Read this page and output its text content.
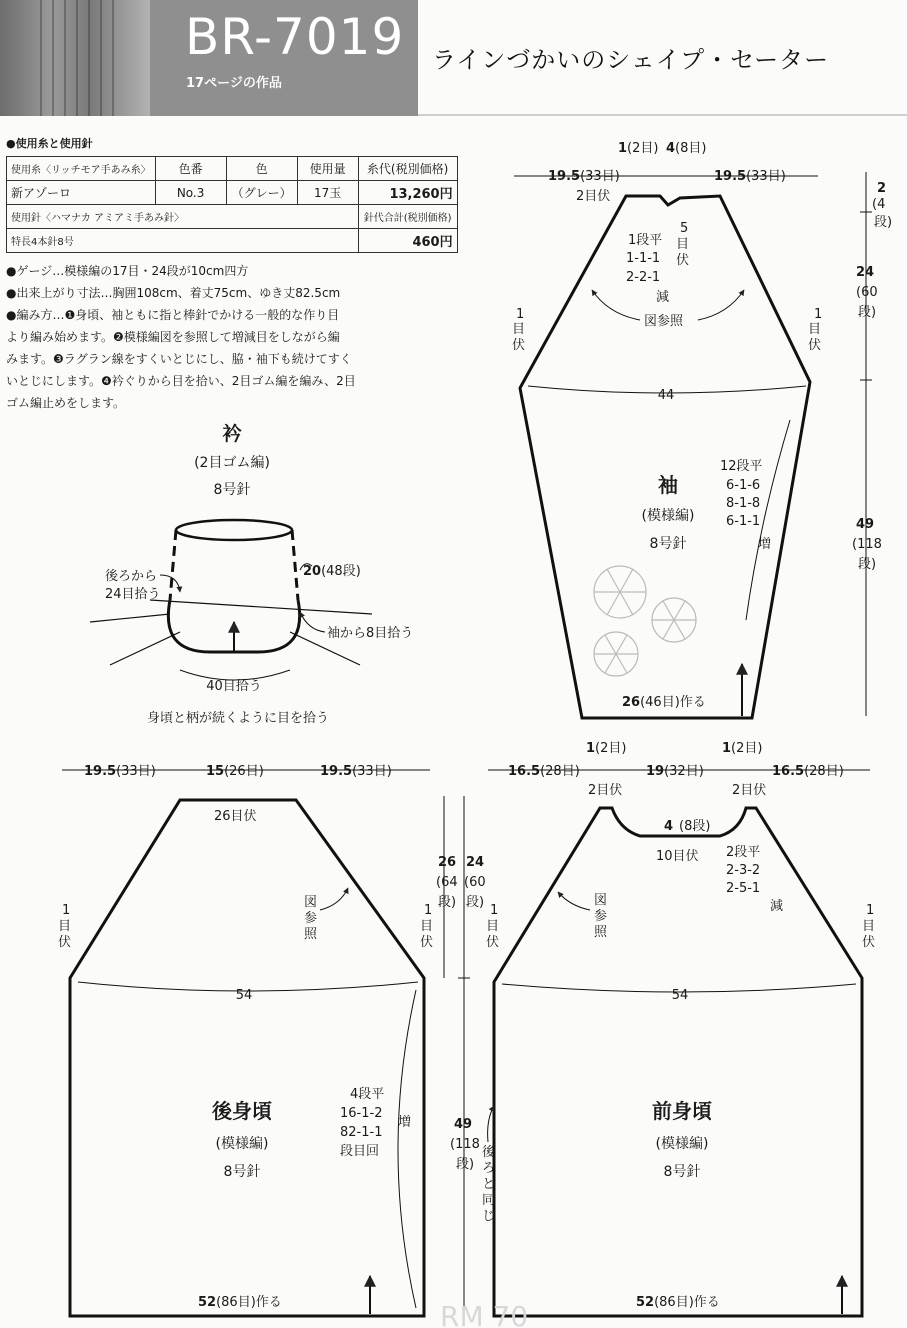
BR-7019
17ページの作品
ラインづかいのシェイプ・セーター
●使用糸と使用針
使用糸〈リッチモア手あみ糸〉	色番	色	使用量	糸代(税別価格)
新アゾーロ	No.3	（グレー）	17玉	13,260円
使用針〈ハマナカ アミアミ手あみ針〉				針代合計(税別価格)
特長4本針8号				460円

●ゲージ…模様編の17目・24段が10cm四方

●出来上がり寸法…胸囲108cm、着丈75cm、ゆき丈82.5cm

●編み方…❶身頃、袖ともに指と棒針でかける一般的な作り目

より編み始めます。❷模様編図を参照して増減目をしながら編

みます。❸ラグラン線をすくいとじにし、脇・袖下も続けてすく

いとじにします。❹衿ぐりから目を拾い、2目ゴム編を編み、2目

ゴム編止めをします。

衿
(2目ゴム編)
8号針
20(48段)
後ろから
24目拾う
袖から8目拾う
40目拾う
身頃と柄が続くように目を拾う
19.5(33目)	19.5(33目)
1(2目) 4(8目)
2目伏
5
目
伏
1段平
1-1-1
2-2-1
減
図参照
1
目
伏
1
目
伏
44
袖
(模様編)
8号針
12段平
6-1-6
8-1-8
6-1-1
増
26(46目)作る
2
(4
段)
24
(60
段)
49
(118
段)
19.5(33目)	15(26目)	19.5(33目)
26目伏
図
参
照
1
目
伏
1
目
伏
54
後身頃
(模様編)
8号針
4段平
16-1-2
82-1-1
段目回
増
52(86目)作る
26
(64
段)
24
(60
段)
49
(118
段)
16.5(28目)	19(32目)	16.5(28目)
1(2目)	1(2目)
2目伏	2目伏
4 (8段)
10目伏 2段平
2-3-2
2-5-1
減
図
参
照
1
目
伏
1
目
伏
54
前身頃
(模様編)
8号針
後
ろ
と
同
じ
52(86目)作る
RM 70
